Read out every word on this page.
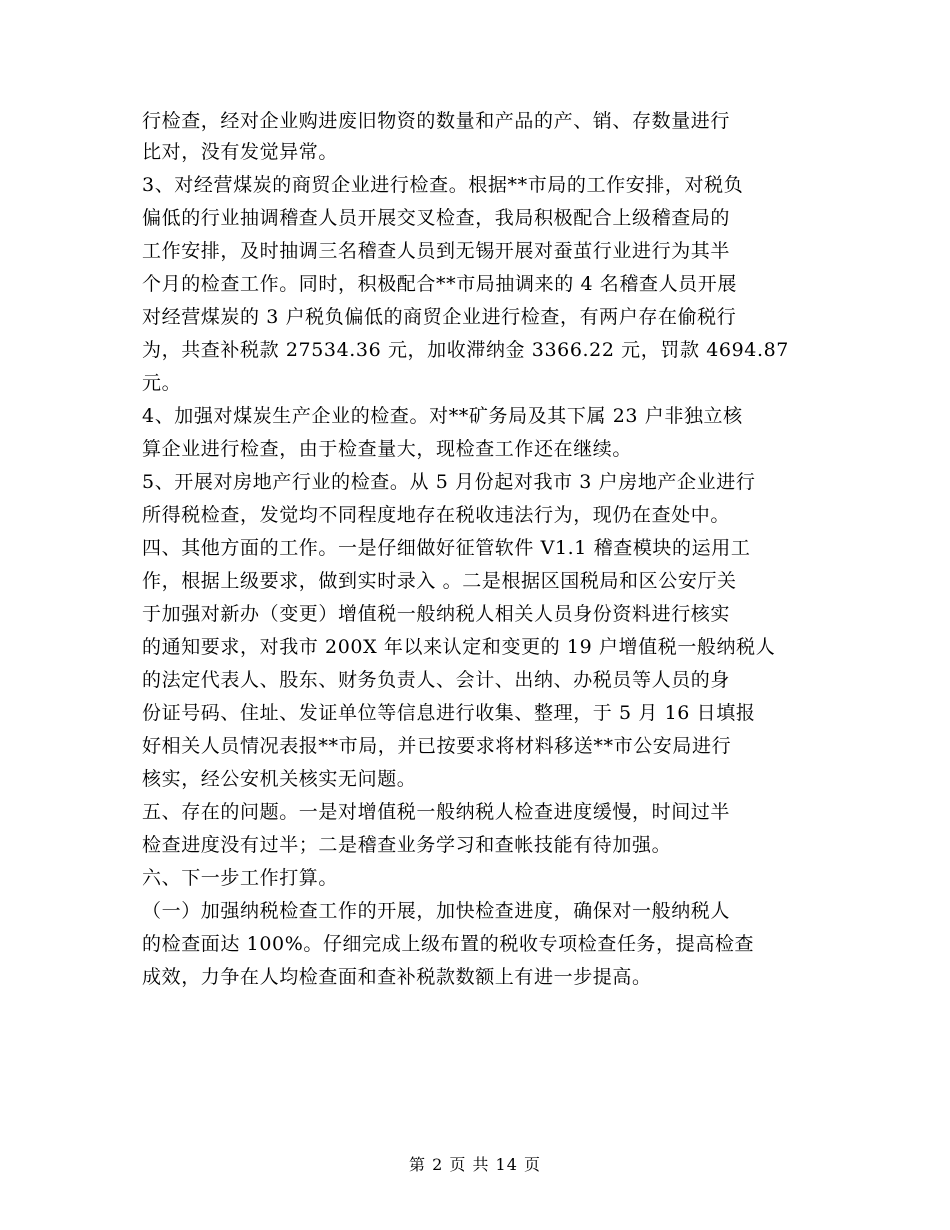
行检查，经对企业购进废旧物资的数量和产品的产、销、存数量进行
比对，没有发觉异常。
3、对经营煤炭的商贸企业进行检查。根据**市局的工作安排，对税负
偏低的行业抽调稽查人员开展交叉检查，我局积极配合上级稽查局的
工作安排，及时抽调三名稽查人员到无锡开展对蚕茧行业进行为其半
个月的检查工作。同时，积极配合**市局抽调来的 4 名稽查人员开展
对经营煤炭的 3 户税负偏低的商贸企业进行检查，有两户存在偷税行
为，共查补税款 27534.36 元，加收滞纳金 3366.22 元，罚款 4694.87
元。
4、加强对煤炭生产企业的检查。对**矿务局及其下属 23 户非独立核
算企业进行检查，由于检查量大，现检查工作还在继续。
5、开展对房地产行业的检查。从 5 月份起对我市 3 户房地产企业进行
所得税检查，发觉均不同程度地存在税收违法行为，现仍在查处中。
四、其他方面的工作。一是仔细做好征管软件 V1.1 稽查模块的运用工
作，根据上级要求，做到实时录入 。二是根据区国税局和区公安厅关
于加强对新办（变更）增值税一般纳税人相关人员身份资料进行核实
的通知要求，对我市 200X 年以来认定和变更的 19 户增值税一般纳税人
的法定代表人、股东、财务负责人、会计、出纳、办税员等人员的身
份证号码、住址、发证单位等信息进行收集、整理，于 5 月 16 日填报
好相关人员情况表报**市局，并已按要求将材料移送**市公安局进行
核实，经公安机关核实无问题。
五、存在的问题。一是对增值税一般纳税人检查进度缓慢，时间过半
检查进度没有过半；二是稽查业务学习和查帐技能有待加强。
六、下一步工作打算。
（一）加强纳税检查工作的开展，加快检查进度，确保对一般纳税人
的检查面达 100%。仔细完成上级布置的税收专项检查任务，提高检查
成效，力争在人均检查面和查补税款数额上有进一步提高。
第 2 页 共 14 页
